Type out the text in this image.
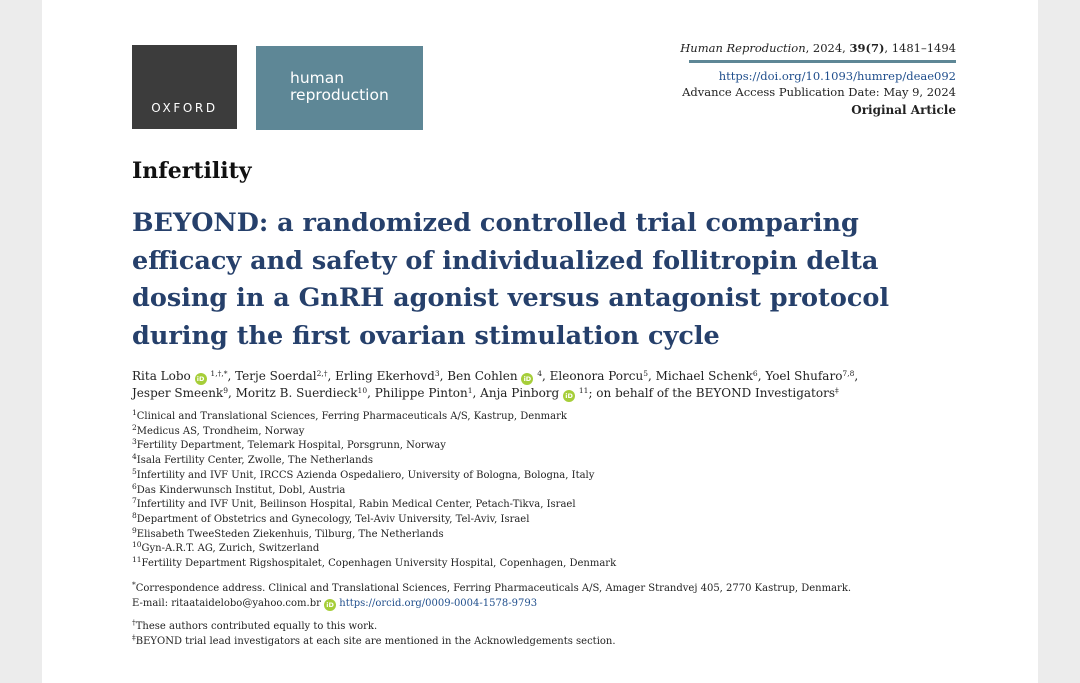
OXFORD
human
reproduction
Human Reproduction, 2024, 39(7), 1481–1494
https://doi.org/10.1093/humrep/deae092
Advance Access Publication Date: May 9, 2024
Original Article
Infertility
BEYOND: a randomized controlled trial comparing efficacy and safety of individualized follitropin delta dosing in a GnRH agonist versus antagonist protocol during the first ovarian stimulation cycle
Rita Lobo iD $^{1,\dagger,*}$, Terje Soerdal$^{2,\dagger}$, Erling Ekerhovd$^3$, Ben Cohlen iD $^4$, Eleonora Porcu$^5$, Michael Schenk$^6$, Yoel Shufaro$^{7,8}$,
Jesper Smeenk$^9$, Moritz B. Suerdieck$^{10}$, Philippe Pinton$^1$, Anja Pinborg iD $^{11}$; on behalf of the BEYOND Investigators‡
$^1$Clinical and Translational Sciences, Ferring Pharmaceuticals A/S, Kastrup, Denmark
$^2$Medicus AS, Trondheim, Norway
$^3$Fertility Department, Telemark Hospital, Porsgrunn, Norway
$^4$Isala Fertility Center, Zwolle, The Netherlands
$^5$Infertility and IVF Unit, IRCCS Azienda Ospedaliero, University of Bologna, Bologna, Italy
$^6$Das Kinderwunsch Institut, Dobl, Austria
$^7$Infertility and IVF Unit, Beilinson Hospital, Rabin Medical Center, Petach-Tikva, Israel
$^8$Department of Obstetrics and Gynecology, Tel-Aviv University, Tel-Aviv, Israel
$^9$Elisabeth TweeSteden Ziekenhuis, Tilburg, The Netherlands
$^{10}$Gyn-A.R.T. AG, Zurich, Switzerland
$^{11}$Fertility Department Rigshospitalet, Copenhagen University Hospital, Copenhagen, Denmark
*Correspondence address. Clinical and Translational Sciences, Ferring Pharmaceuticals A/S, Amager Strandvej 405, 2770 Kastrup, Denmark.
E-mail: ritaataidelobo@yahoo.com.br iD https://orcid.org/0009-0004-1578-9793
†These authors contributed equally to this work.
‡BEYOND trial lead investigators at each site are mentioned in the Acknowledgements section.
